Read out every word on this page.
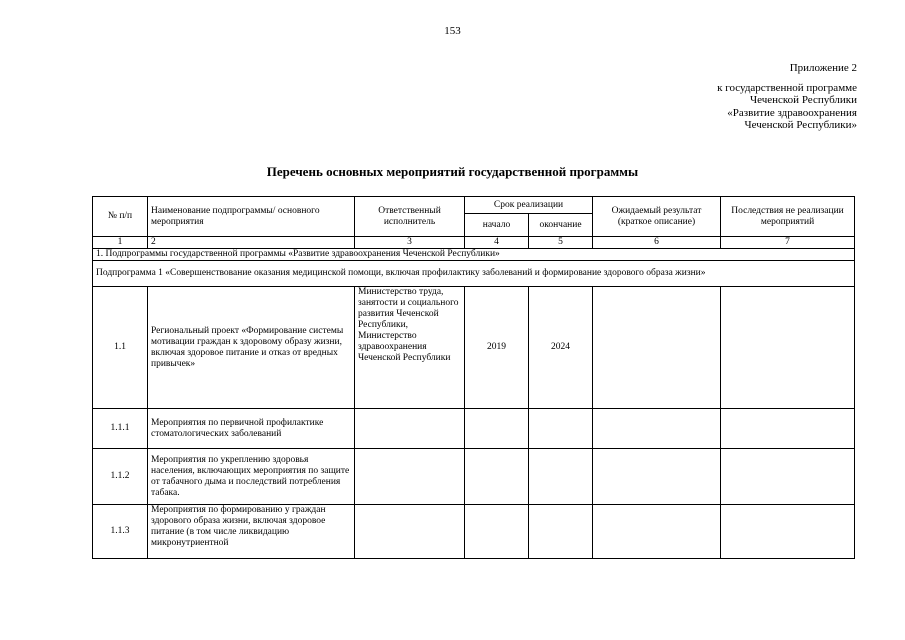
153
Приложение 2
к государственной программе
Чеченской Республики
«Развитие здравоохранения
Чеченской Республики»
Перечень основных мероприятий государственной программы
№ п/п	Наименование подпрограммы/ основного мероприятия	Ответственный исполнитель	Срок реализации		Ожидаемый результат (краткое описание)	Последствия не реализации мероприятий
			начало	окончание		
1	2	3	4	5	6	7
1. Подпрограммы государственной программы «Развитие здравоохранения Чеченской Республики»						
Подпрограмма 1 «Совершенствование оказания медицинской помощи, включая профилактику заболеваний и формирование здорового образа жизни»						
1.1	Региональный проект «Формирование системы мотивации граждан к здоровому образу жизни, включая здоровое питание и отказ от вредных привычек»	Министерство труда, занятости и социального развития Чеченской Республики, Министерство здравоохранения Чеченской Республики	2019	2024		
1.1.1	Мероприятия по первичной профилактике стоматологических заболеваний					
1.1.2	Мероприятия по укреплению здоровья населения, включающих мероприятия по защите от табачного дыма и последствий потребления табака.					
1.1.3	Мероприятия по формированию у граждан здорового образа жизни, включая здоровое питание (в том числе ликвидацию микронутриентной					
